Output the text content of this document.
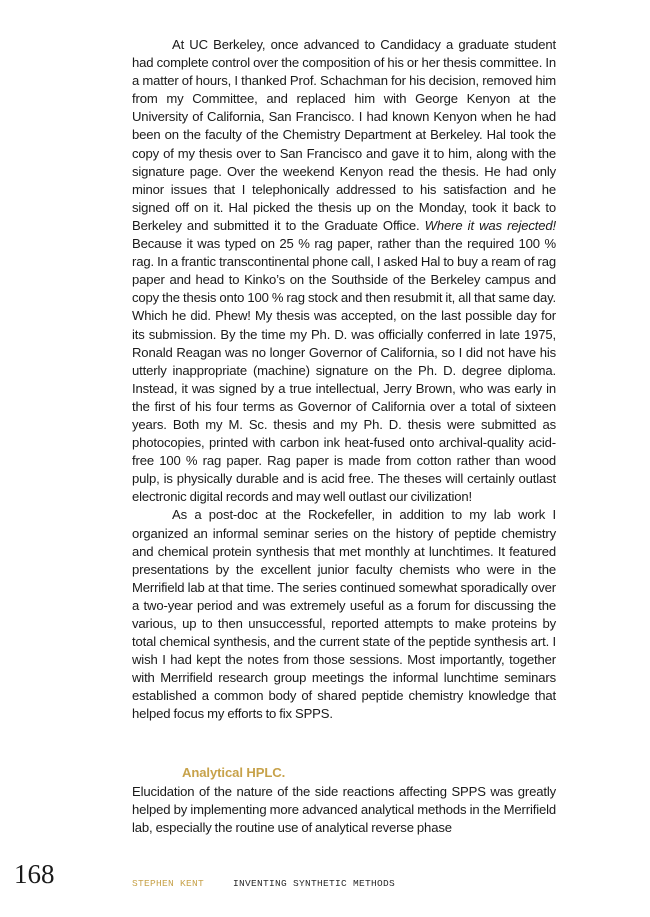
At UC Berkeley, once advanced to Candidacy a graduate student had complete control over the composition of his or her thesis committee. In a matter of hours, I thanked Prof. Schachman for his decision, removed him from my Committee, and replaced him with George Kenyon at the University of California, San Francisco. I had known Kenyon when he had been on the faculty of the Chemistry Department at Berkeley. Hal took the copy of my thesis over to San Francisco and gave it to him, along with the signature page. Over the weekend Kenyon read the thesis. He had only minor issues that I telephonically addressed to his satisfaction and he signed off on it. Hal picked the thesis up on the Monday, took it back to Berkeley and submitted it to the Graduate Office. Where it was rejected! Because it was typed on 25 % rag paper, rather than the required 100 % rag. In a frantic transcontinental phone call, I asked Hal to buy a ream of rag paper and head to Kinko’s on the Southside of the Berkeley campus and copy the thesis onto 100 % rag stock and then resubmit it, all that same day. Which he did. Phew! My thesis was accepted, on the last possible day for its submission. By the time my Ph. D. was officially conferred in late 1975, Ronald Reagan was no longer Governor of California, so I did not have his utterly inappropriate (machine) signature on the Ph. D. degree diploma. Instead, it was signed by a true intellectual, Jerry Brown, who was early in the first of his four terms as Governor of California over a total of sixteen years. Both my M. Sc. thesis and my Ph. D. thesis were submitted as photocopies, printed with carbon ink heat-fused onto archival-quality acid-free 100 % rag paper. Rag paper is made from cotton rather than wood pulp, is physically durable and is acid free. The theses will certainly outlast electronic digital records and may well outlast our civilization!

As a post-doc at the Rockefeller, in addition to my lab work I organized an informal seminar series on the history of peptide chemistry and chemical protein synthesis that met monthly at lunchtimes. It featured presentations by the excellent junior faculty chemists who were in the Merrifield lab at that time. The series continued somewhat sporadically over a two-year period and was extremely useful as a forum for discussing the various, up to then unsuccessful, reported attempts to make proteins by total chemical synthesis, and the current state of the peptide synthesis art. I wish I had kept the notes from those sessions. Most importantly, together with Merrifield research group meetings the informal lunchtime seminars established a common body of shared peptide chemistry knowledge that helped focus my efforts to fix SPPS.

Analytical HPLC.

Elucidation of the nature of the side reactions affecting SPPS was greatly helped by implementing more advanced analytical methods in the Merrifield lab, especially the routine use of analytical reverse phase

168	STEPHEN KENT	INVENTING SYNTHETIC METHODS
